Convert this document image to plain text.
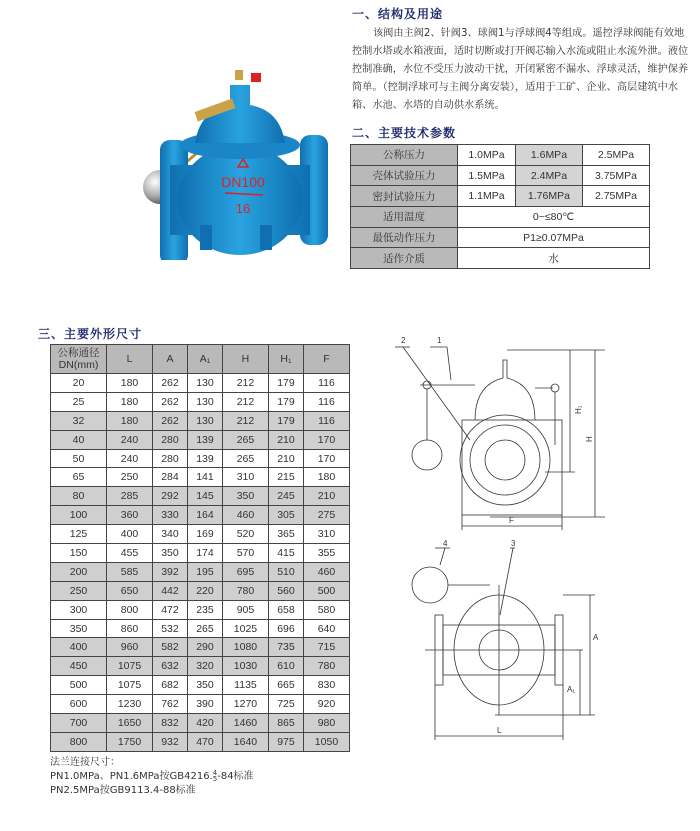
一、结构及用途
该阀由主阀2、针阀3、球阀1与浮球阀4等组成。遥控浮球阀能有效地控制水塔或水箱液面，适时切断或打开阀芯输入水流或阻止水流外泄。液位控制准确，水位不受压力波动干扰，开闭紧密不漏水、浮球灵活，维护保养简单。（控制浮球可与主阀分离安装），适用于工矿、企业、高层建筑中水箱、水池、水塔的自动供水系统。
二、主要技术参数
公称压力	1.0MPa	1.6MPa	2.5MPa
壳体试验压力	1.5MPa	2.4MPa	3.75MPa
密封试验压力	1.1MPa	1.76MPa	2.75MPa
适用温度	0~≤80℃		
最低动作压力	P1≥0.07MPa		
适作介质	水		
三、主要外形尺寸
公称通径
DN(mm)	L	A	A₁	H	H₁	F
20	180	262	130	212	179	116
25	180	262	130	212	179	116
32	180	262	130	212	179	116
40	240	280	139	265	210	170
50	240	280	139	265	210	170
65	250	284	141	310	215	180
80	285	292	145	350	245	210
100	360	330	164	460	305	275
125	400	340	169	520	365	310
150	455	350	174	570	415	355
200	585	392	195	695	510	460
250	650	442	220	780	560	500
300	800	472	235	905	658	580
350	860	532	265	1025	696	640
400	960	582	290	1080	735	715
450	1075	632	320	1030	610	780
500	1075	682	350	1135	665	830
600	1230	762	390	1270	725	920
700	1650	832	420	1460	865	980
800	1750	932	470	1640	975	1050
法兰连接尺寸：
PN1.0MPa、PN1.6MPa按GB4216.4
5-84标准
PN2.5MPa按GB9113.4-88标准
DN100
16
2	1
H₁
H
F
4	3
A
A₁
L
